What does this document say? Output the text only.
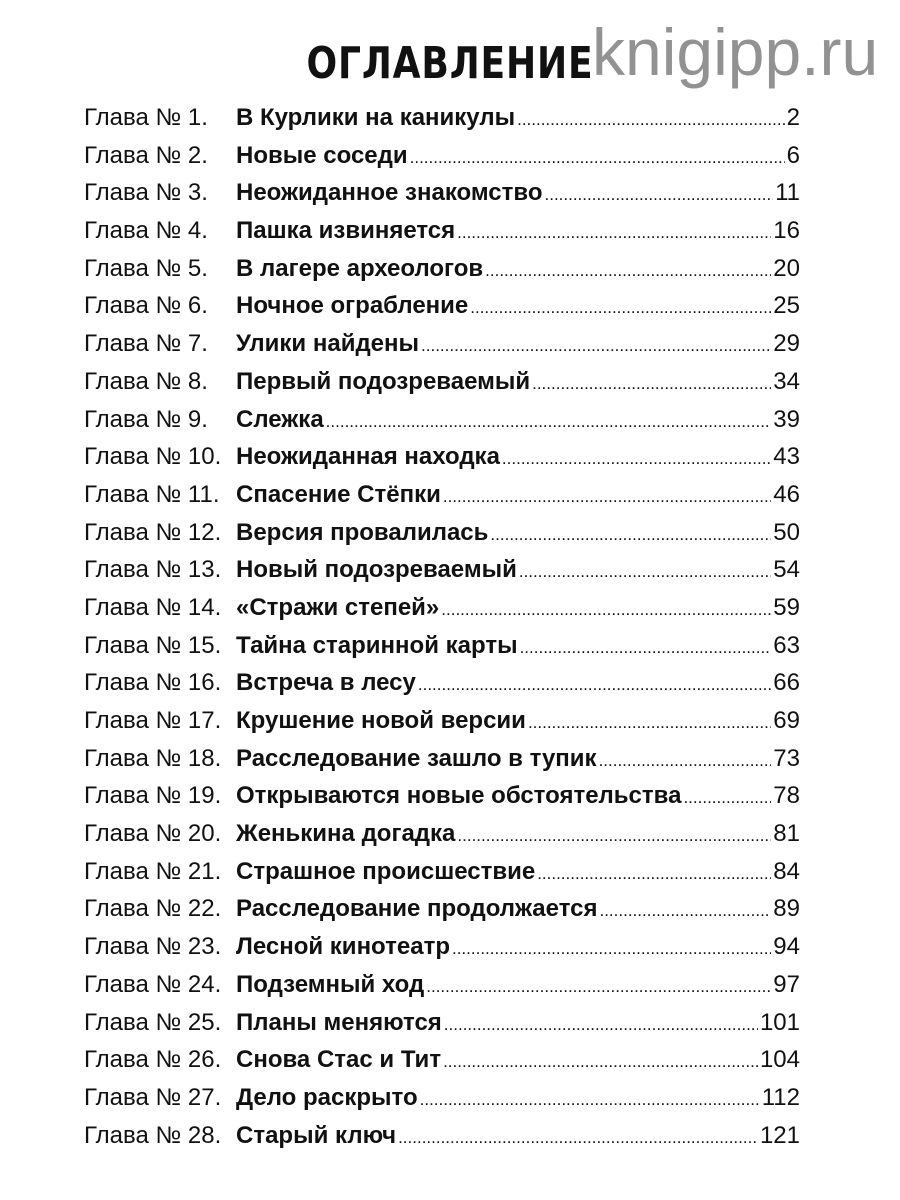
ОГЛАВЛЕНИЕ
Глава № 1.	В Курлики на каникулы .....	2
Глава № 2.	Новые соседи .....	6
Глава № 3.	Неожиданное знакомство .....	11
Глава № 4.	Пашка извиняется .....	16
Глава № 5.	В лагере археологов .....	20
Глава № 6.	Ночное ограбление .....	25
Глава № 7.	Улики найдены .....	29
Глава № 8.	Первый подозреваемый .....	34
Глава № 9.	Слежка .....	39
Глава № 10. Неожиданная находка .....	43
Глава № 11. Спасение Стёпки .....	46
Глава № 12. Версия провалилась .....	50
Глава № 13. Новый подозреваемый .....	54
Глава № 14. «Стражи степей» .....	59
Глава № 15. Тайна старинной карты .....	63
Глава № 16. Встреча в лесу .....	66
Глава № 17. Крушение новой версии .....	69
Глава № 18. Расследование зашло в тупик .....	73
Глава № 19. Открываются новые обстоятельства .....	78
Глава № 20. Женькина догадка .....	81
Глава № 21. Страшное происшествие .....	84
Глава № 22. Расследование продолжается .....	89
Глава № 23. Лесной кинотеатр .....	94
Глава № 24. Подземный ход .....	97
Глава № 25. Планы меняются .....	101
Глава № 26. Снова Стас и Тит .....	104
Глава № 27. Дело раскрыто .....	112
Глава № 28. Старый ключ .....	121
knigipp.ru
